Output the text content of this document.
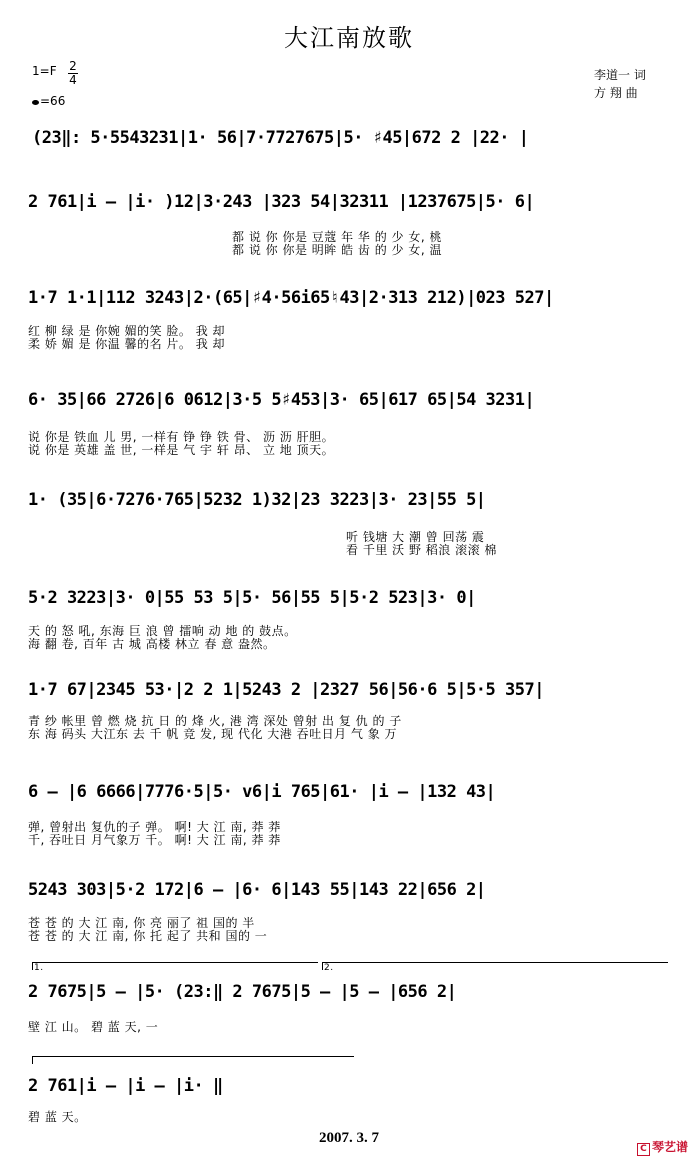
大江南放歌
1=F 2
4
=66
李道一 词
方 翔 曲
(23‖: 5·5543231|1· 56|7·7727675|5· ♯45|672 2 |22· |
2 761|i – |i· )12|3·243 |323 54|32311 |1237675|5· 6|
都 说 你 你是 豆蔻 年 华 的 少 女, 桃
都 说 你 你是 明眸 皓 齿 的 少 女, 温
1·7 1·1|112 3243|2·(65|♯4·56i65♮43|2·313 212)|023 527|
红 柳 绿 是 你婉 媚的笑 脸。 我 却
柔 娇 媚 是 你温 馨的名 片。 我 却
6· 35|66 2726|6 0612|3·5 5♯453|3· 65|617 65|54 3231|
说 你是 铁血 儿 男, 一样有 铮 铮 铁 骨、 沥 沥 肝胆。
说 你是 英雄 盖 世, 一样是 气 宇 轩 昂、 立 地 顶天。
1· (35|6·7276·765|5232 1)32|23 3223|3· 23|55 5|
听 钱塘 大 潮 曾 回荡 震
看 千里 沃 野 稻浪 滚滚 棉
5·2 3223|3· 0|55 53 5|5· 56|55 5|5·2 523|3· 0|
天 的 怒 吼, 东海 巨 浪 曾 擂响 动 地 的 鼓点。
海 翻 卷, 百年 古 城 高楼 林立 春 意 盎然。
1·7 67|2345 53·|2 2 1|5243 2 |2327 56|56·6 5|5·5 357|
青 纱 帐里 曾 燃 烧 抗 日 的 烽 火, 港 湾 深处 曾射 出 复 仇 的 子
东 海 码头 大江东 去 千 帆 竞 发, 现 代化 大港 吞吐日月 气 象 万
6 – |6 6666|7776·5|5· v6|i 765|61· |i – |132 43|
弹, 曾射出 复仇的子 弹。 啊! 大 江 南, 莽 莽
千, 吞吐日 月气象万 千。 啊! 大 江 南, 莽 莽
5243 303|5·2 172|6 – |6· 6|143 55|143 22|656 2|
苍 苍 的 大 江 南, 你 亮 丽了 祖 国的 半
苍 苍 的 大 江 南, 你 托 起了 共和 国的 一
1.	2.
2 7675|5 – |5· (23:‖ 2 7675|5 – |5 – |656 2|
壁 江 山。 碧 蓝 天, 一
2 761|i – |i – |i· ‖
碧 蓝 天。
2007. 3. 7
C 琴艺谱
